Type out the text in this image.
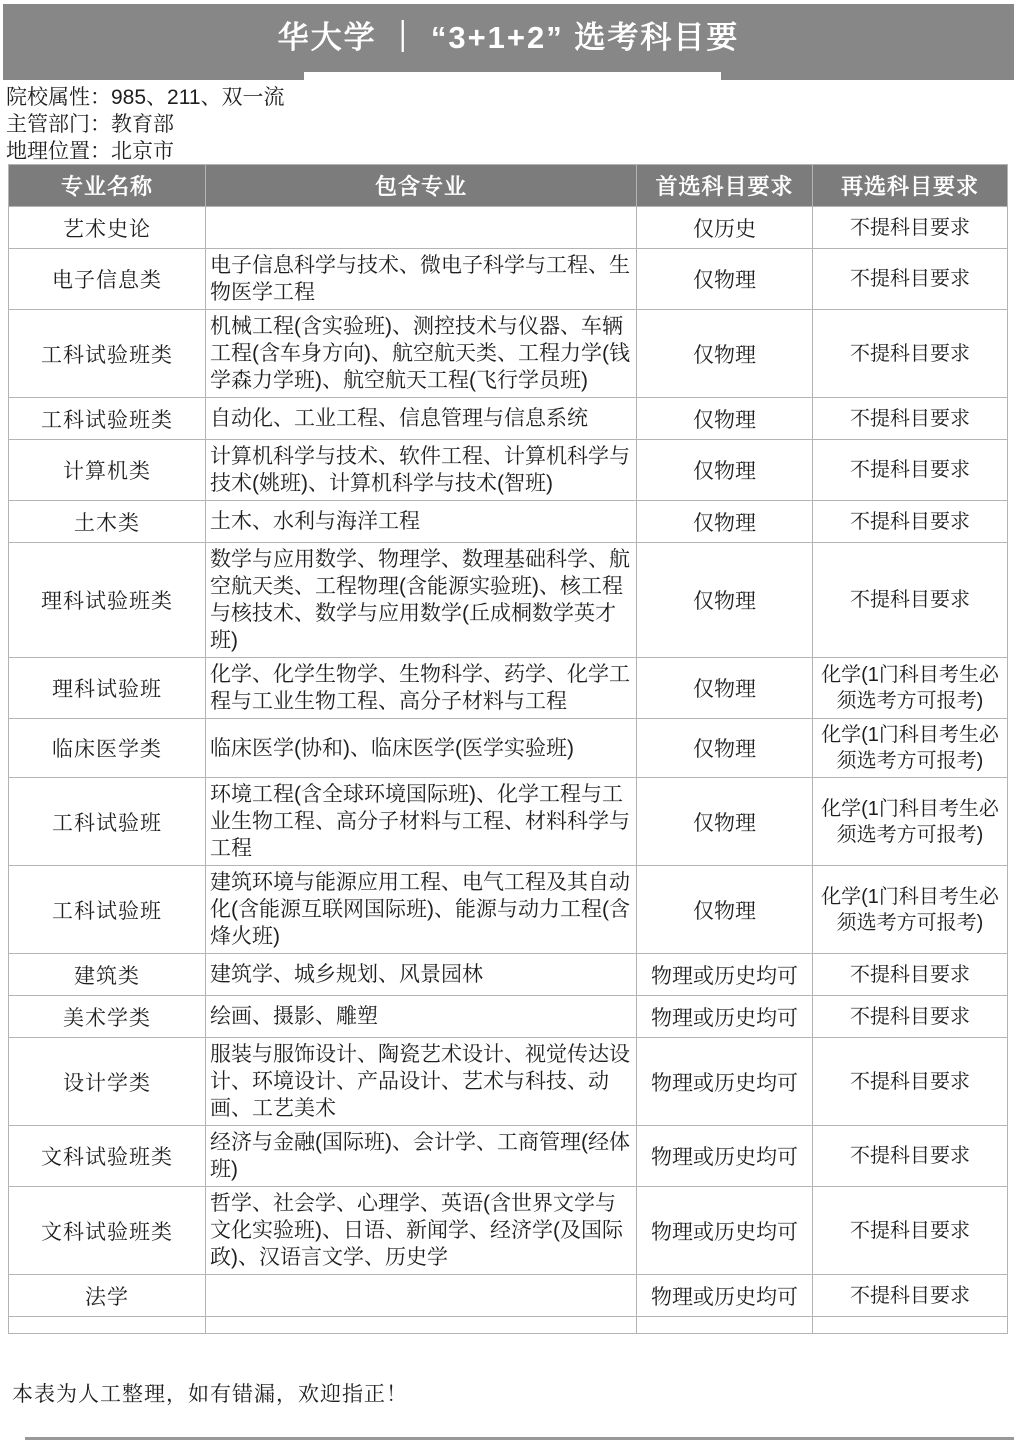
华大学 ｜ “3+1+2” 选考科目要
院校属性：985、211、双一流
主管部门：教育部
地理位置：北京市
专业名称	包含专业	首选科目要求	再选科目要求
艺术史论		仅历史	不提科目要求
电子信息类	电子信息科学与技术、微电子科学与工程、生物医学工程	仅物理	不提科目要求
工科试验班类	机械工程(含实验班)、测控技术与仪器、车辆工程(含车身方向)、航空航天类、工程力学(钱学森力学班)、航空航天工程(飞行学员班)	仅物理	不提科目要求
工科试验班类	自动化、工业工程、信息管理与信息系统	仅物理	不提科目要求
计算机类	计算机科学与技术、软件工程、计算机科学与技术(姚班)、计算机科学与技术(智班)	仅物理	不提科目要求
土木类	土木、水利与海洋工程	仅物理	不提科目要求
理科试验班类	数学与应用数学、物理学、数理基础科学、航空航天类、工程物理(含能源实验班)、核工程与核技术、数学与应用数学(丘成桐数学英才班)	仅物理	不提科目要求
理科试验班	化学、化学生物学、生物科学、药学、化学工程与工业生物工程、高分子材料与工程	仅物理	化学(1门科目考生必须选考方可报考)
临床医学类	临床医学(协和)、临床医学(医学实验班)	仅物理	化学(1门科目考生必须选考方可报考)
工科试验班	环境工程(含全球环境国际班)、化学工程与工业生物工程、高分子材料与工程、材料科学与工程	仅物理	化学(1门科目考生必须选考方可报考)
工科试验班	建筑环境与能源应用工程、电气工程及其自动化(含能源互联网国际班)、能源与动力工程(含烽火班)	仅物理	化学(1门科目考生必须选考方可报考)
建筑类	建筑学、城乡规划、风景园林	物理或历史均可	不提科目要求
美术学类	绘画、摄影、雕塑	物理或历史均可	不提科目要求
设计学类	服装与服饰设计、陶瓷艺术设计、视觉传达设计、环境设计、产品设计、艺术与科技、动画、工艺美术	物理或历史均可	不提科目要求
文科试验班类	经济与金融(国际班)、会计学、工商管理(经体班)	物理或历史均可	不提科目要求
文科试验班类	哲学、社会学、心理学、英语(含世界文学与文化实验班)、日语、新闻学、经济学(及国际政)、汉语言文学、历史学	物理或历史均可	不提科目要求
法学		物理或历史均可	不提科目要求

本表为人工整理，如有错漏，欢迎指正！
